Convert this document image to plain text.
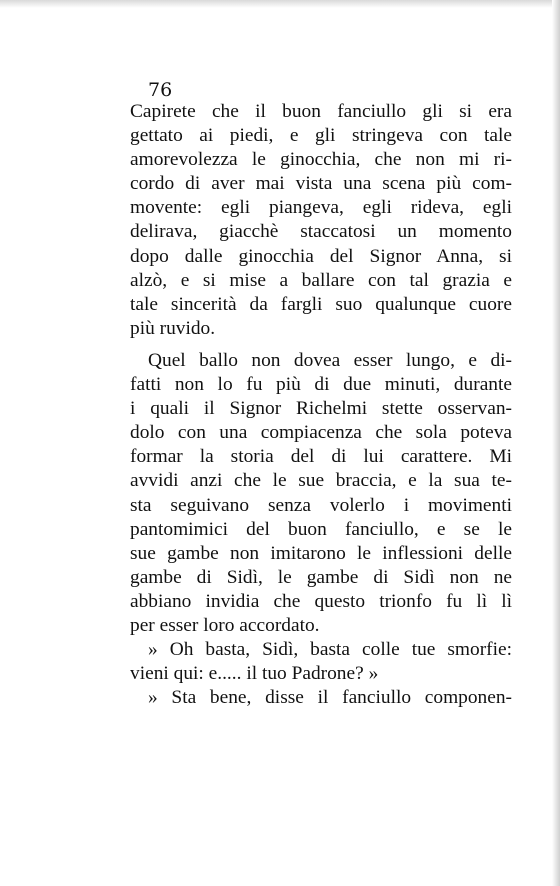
76
Capirete che il buon fanciullo gli si era
gettato ai piedi, e gli stringeva con tale
amorevolezza le ginocchia, che non mi ri-
cordo di aver mai vista una scena più com-
movente: egli piangeva, egli rideva, egli
delirava, giacchè staccatosi un momento
dopo dalle ginocchia del Signor Anna, si
alzò, e si mise a ballare con tal grazia e
tale sincerità da fargli suo qualunque cuore
più ruvido.
Quel ballo non dovea esser lungo, e di-
fatti non lo fu più di due minuti, durante
i quali il Signor Richelmi stette osservan-
dolo con una compiacenza che sola poteva
formar la storia del di lui carattere. Mi
avvidi anzi che le sue braccia, e la sua te-
sta seguivano senza volerlo i movimenti
pantomimici del buon fanciullo, e se le
sue gambe non imitarono le inflessioni delle
gambe di Sidì, le gambe di Sidì non ne
abbiano invidia che questo trionfo fu lì lì
per esser loro accordato.
» Oh basta, Sidì, basta colle tue smorfie:
vieni qui: e..... il tuo Padrone? »
» Sta bene, disse il fanciullo componen-
